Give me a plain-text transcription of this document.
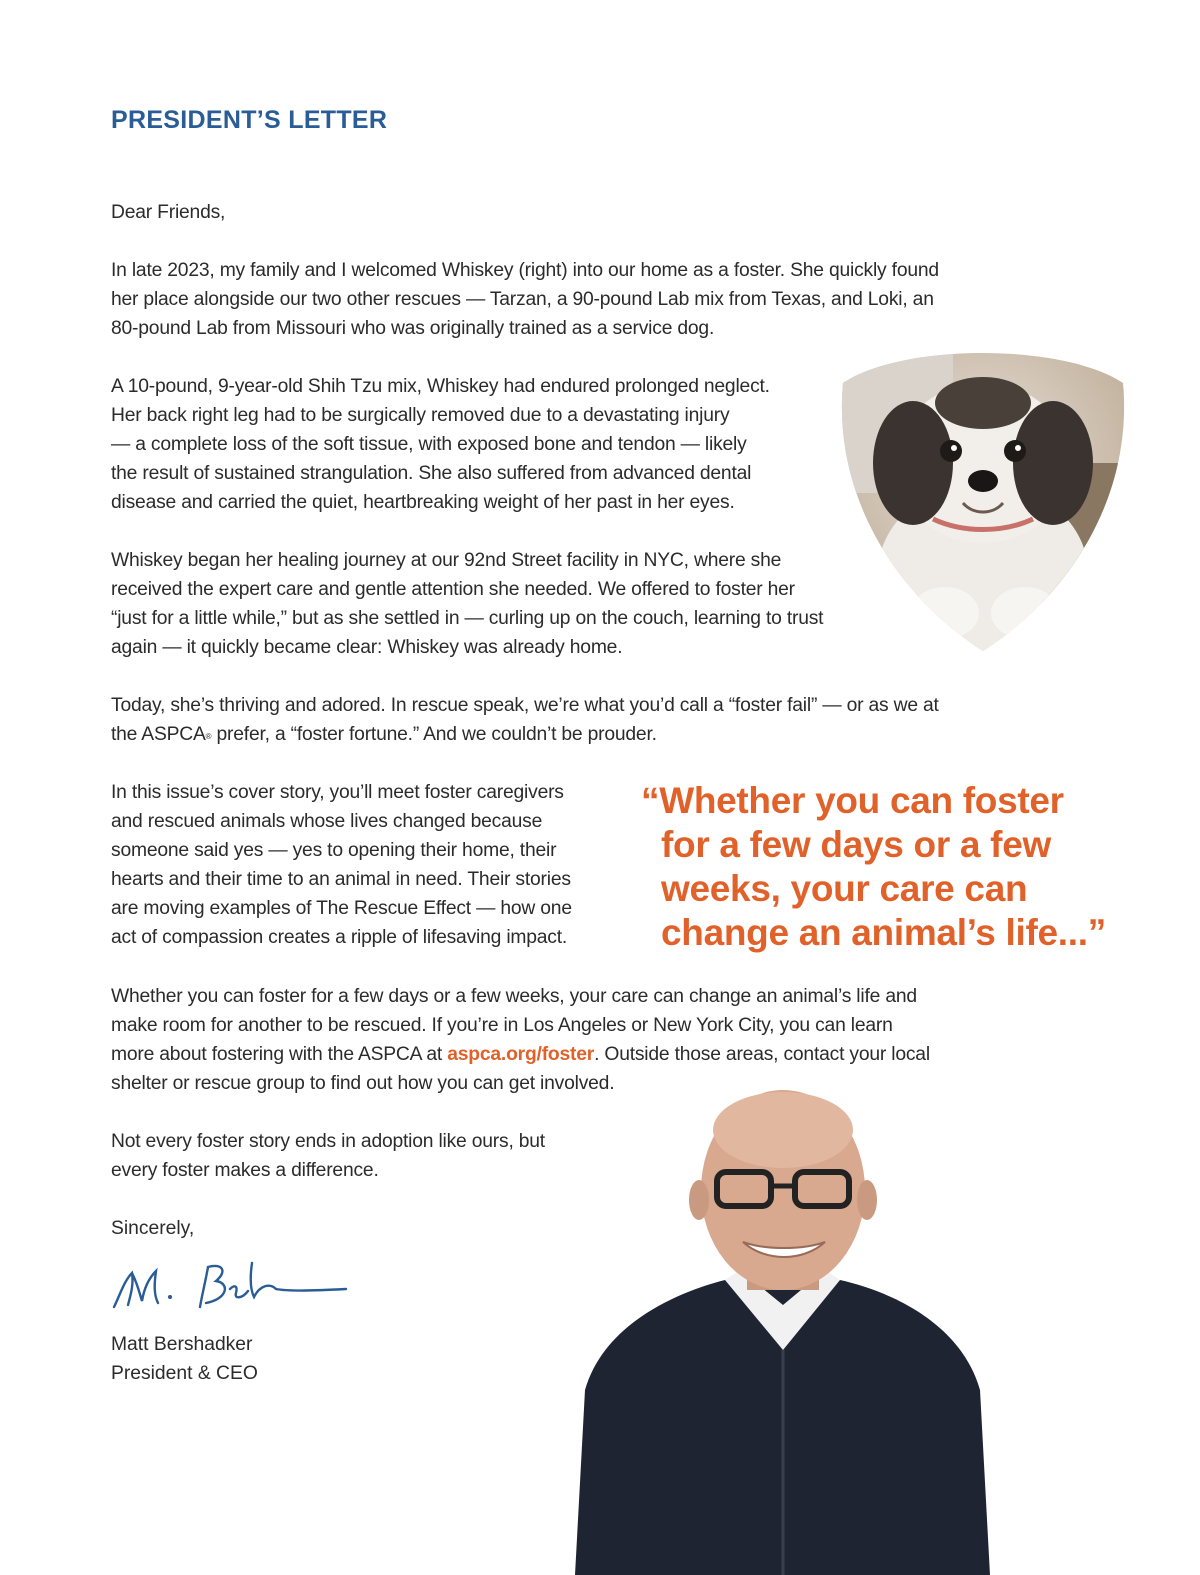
PRESIDENT’S LETTER

Dear Friends,

In late 2023, my family and I welcomed Whiskey (right) into our home as a foster. She quickly found
her place alongside our two other rescues — Tarzan, a 90-pound Lab mix from Texas, and Loki, an
80-pound Lab from Missouri who was originally trained as a service dog.

A 10-pound, 9-year-old Shih Tzu mix, Whiskey had endured prolonged neglect.
Her back right leg had to be surgically removed due to a devastating injury
— a complete loss of the soft tissue, with exposed bone and tendon — likely
the result of sustained strangulation. She also suffered from advanced dental
disease and carried the quiet, heartbreaking weight of her past in her eyes.

Whiskey began her healing journey at our 92nd Street facility in NYC, where she
received the expert care and gentle attention she needed. We offered to foster her
“just for a little while,” but as she settled in — curling up on the couch, learning to trust
again — it quickly became clear: Whiskey was already home.

Today, she’s thriving and adored. In rescue speak, we’re what you’d call a “foster fail” — or as we at
the ASPCA® prefer, a “foster fortune.” And we couldn’t be prouder.

In this issue’s cover story, you’ll meet foster caregivers
and rescued animals whose lives changed because
someone said yes — yes to opening their home, their
hearts and their time to an animal in need. Their stories
are moving examples of The Rescue Effect — how one
act of compassion creates a ripple of lifesaving impact.

“Whether you can foster
for a few days or a few
weeks, your care can
change an animal’s life...”

Whether you can foster for a few days or a few weeks, your care can change an animal’s life and
make room for another to be rescued. If you’re in Los Angeles or New York City, you can learn
more about fostering with the ASPCA at aspca.org/foster. Outside those areas, contact your local
shelter or rescue group to find out how you can get involved.

Not every foster story ends in adoption like ours, but
every foster makes a difference.

Sincerely,

Matt Bershadker
President & CEO
